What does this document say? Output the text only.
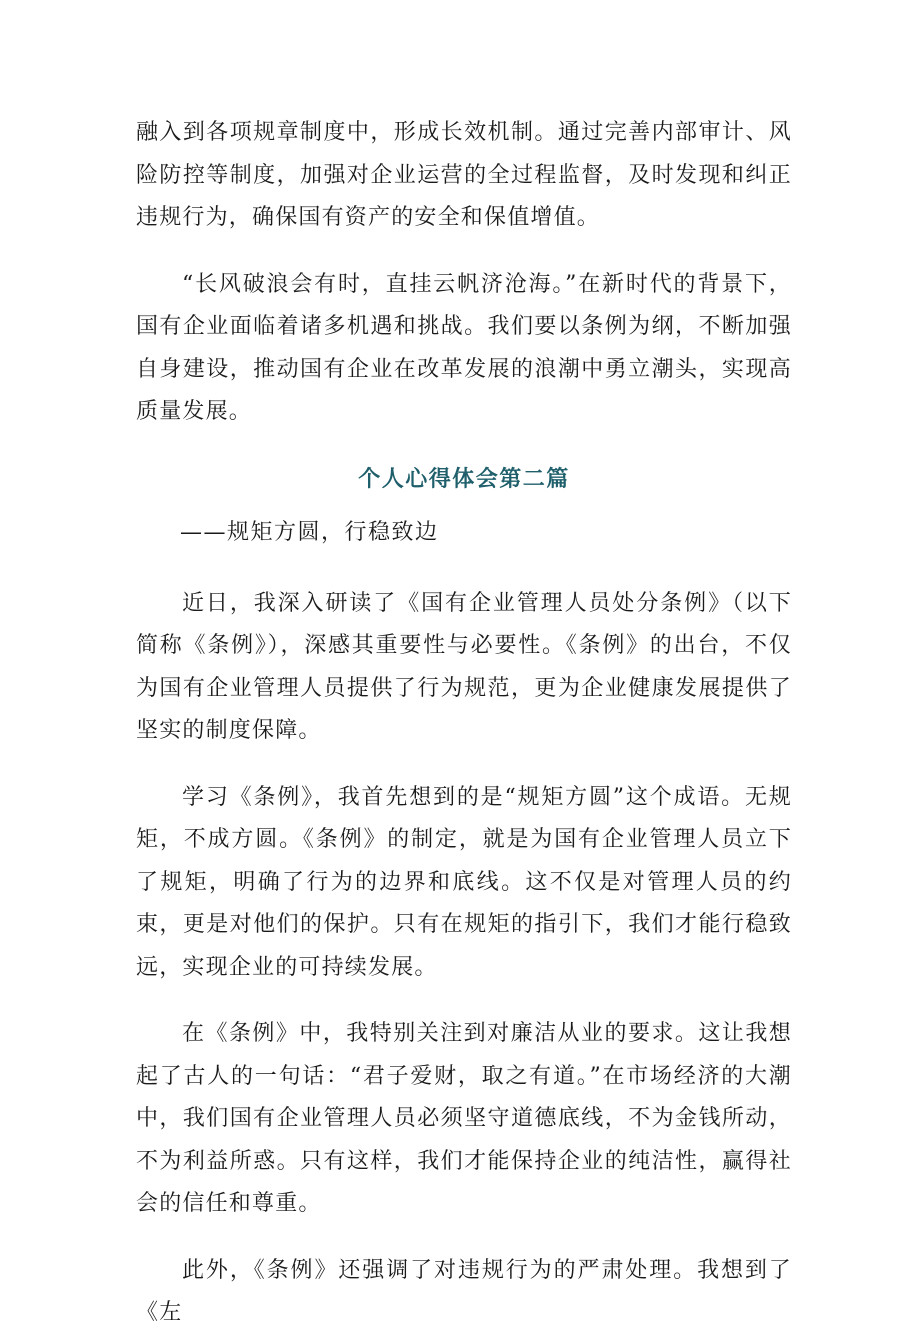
融入到各项规章制度中，形成长效机制。通过完善内部审计、风险防控等制度，加强对企业运营的全过程监督，及时发现和纠正违规行为，确保国有资产的安全和保值增值。

“长风破浪会有时，直挂云帆济沧海。”在新时代的背景下，国有企业面临着诸多机遇和挑战。我们要以条例为纲，不断加强自身建设，推动国有企业在改革发展的浪潮中勇立潮头，实现高质量发展。

个人心得体会第二篇

——规矩方圆，行稳致边

近日，我深入研读了《国有企业管理人员处分条例》（以下简称《条例》），深感其重要性与必要性。《条例》的出台，不仅为国有企业管理人员提供了行为规范，更为企业健康发展提供了坚实的制度保障。

学习《条例》，我首先想到的是“规矩方圆”这个成语。无规矩，不成方圆。《条例》的制定，就是为国有企业管理人员立下了规矩，明确了行为的边界和底线。这不仅是对管理人员的约束，更是对他们的保护。只有在规矩的指引下，我们才能行稳致远，实现企业的可持续发展。

在《条例》中，我特别关注到对廉洁从业的要求。这让我想起了古人的一句话：“君子爱财，取之有道。”在市场经济的大潮中，我们国有企业管理人员必须坚守道德底线，不为金钱所动，不为利益所惑。只有这样，我们才能保持企业的纯洁性，赢得社会的信任和尊重。

此外，《条例》还强调了对违规行为的严肃处理。我想到了《左
